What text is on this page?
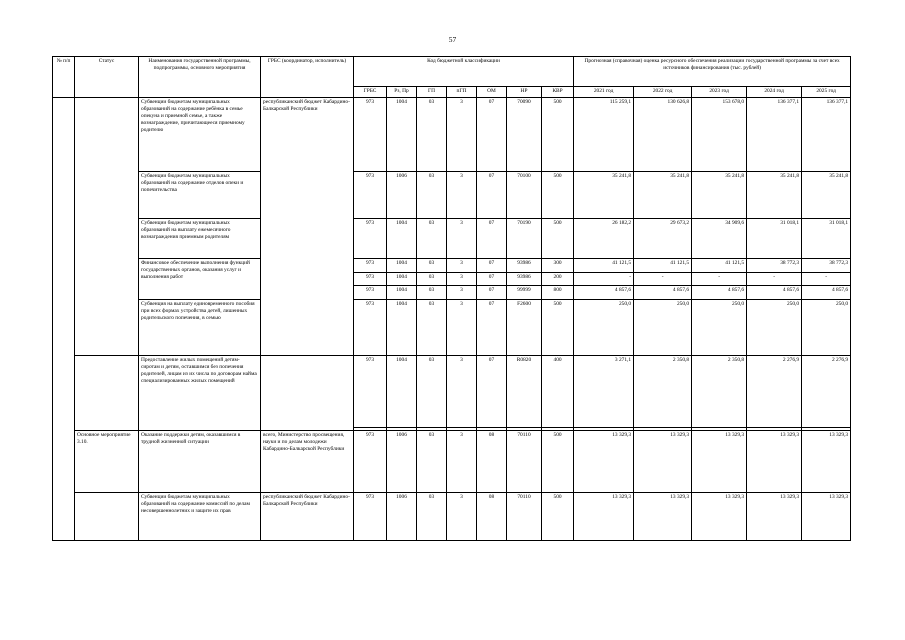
57
№ п/п	Статус	Наименования государственной программы, подпрограммы, основного мероприятия	ГРБС (координатор, исполнитель)	Код бюджетной классификации							Прогнозная (справочная) оценка ресурсного обеспечения реализации государственной программы за счет всех источников финансирования (тыс. рублей)				
				ГРБС	Рз, Пр	ГП	пГП	ОМ	НР	КВР	2021 год	2022 год	2023 год	2024 год	2025 год
		Субвенции бюджетам муниципальных образований на содержание ребёнка в семье опекуна и приемной семье, а также вознаграждение, причитающееся приемному родителю	республиканский бюджет Кабардино-Балкарской Республики	973	1004	03	3	07	70090	500	115 259,1	130 626,8	153 678,0	136 377,1	136 377,1
		Субвенции бюджетам муниципальных образований на содержание отделов опеки и попечительства		973	1006	03	3	07	70100	500	35 241,8	35 241,8	35 241,8	35 241,8	35 241,8
		Субвенции бюджетам муниципальных образований на выплату ежемесячного вознаграждения приемным родителям		973	1004	03	3	07	70190	500	26 182,2	29 673,2	34 909,6	31 018,1	31 018,1
		Финансовое обеспечение выполнения функций государственных органов, оказания услуг и выполнения работ		973	1004	03	3	07	93986	300	41 121,5	41 121,5	41 121,5	38 772,3	38 772,3
				973	1004	03	3	07	93986	200	-	-	-	-	-
				973	1004	03	3	07	99999	800	4 857,6	4 857,6	4 857,6	4 857,6	4 857,6
		Субвенция на выплату единовременного пособия при всех формах устройства детей, лишенных родительского попечения, в семью		973	1004	03	3	07	F2600	500	250,0	250,0	250,0	250,0	250,0
		Предоставление жилых помещений детям-сиротам и детям, оставшимся без попечения родителей, лицам из их числа по договорам найма специализированных жилых помещений		973	1004	03	3	07	R0820	400	3 271,1	2 350,8	2 350,8	2 276,9	2 276,9

	Основное мероприятие 3.10.	Оказание поддержки детям, оказавшимся в трудной жизненной ситуации	всего, Министерство просвещения, науки и по делам молодежи Кабардино-Балкарской Республики	973	1006	03	3	08	70110	500	13 329,3	13 329,3	13 329,3	13 329,3	13 329,3
		Субвенции бюджетам муниципальных образований на содержание комиссий по делам несовершеннолетних и защите их прав	республиканский бюджет Кабардино-Балкарской Республики	973	1006	03	3	08	70110	500	13 329,3	13 329,3	13 329,3	13 329,3	13 329,3
